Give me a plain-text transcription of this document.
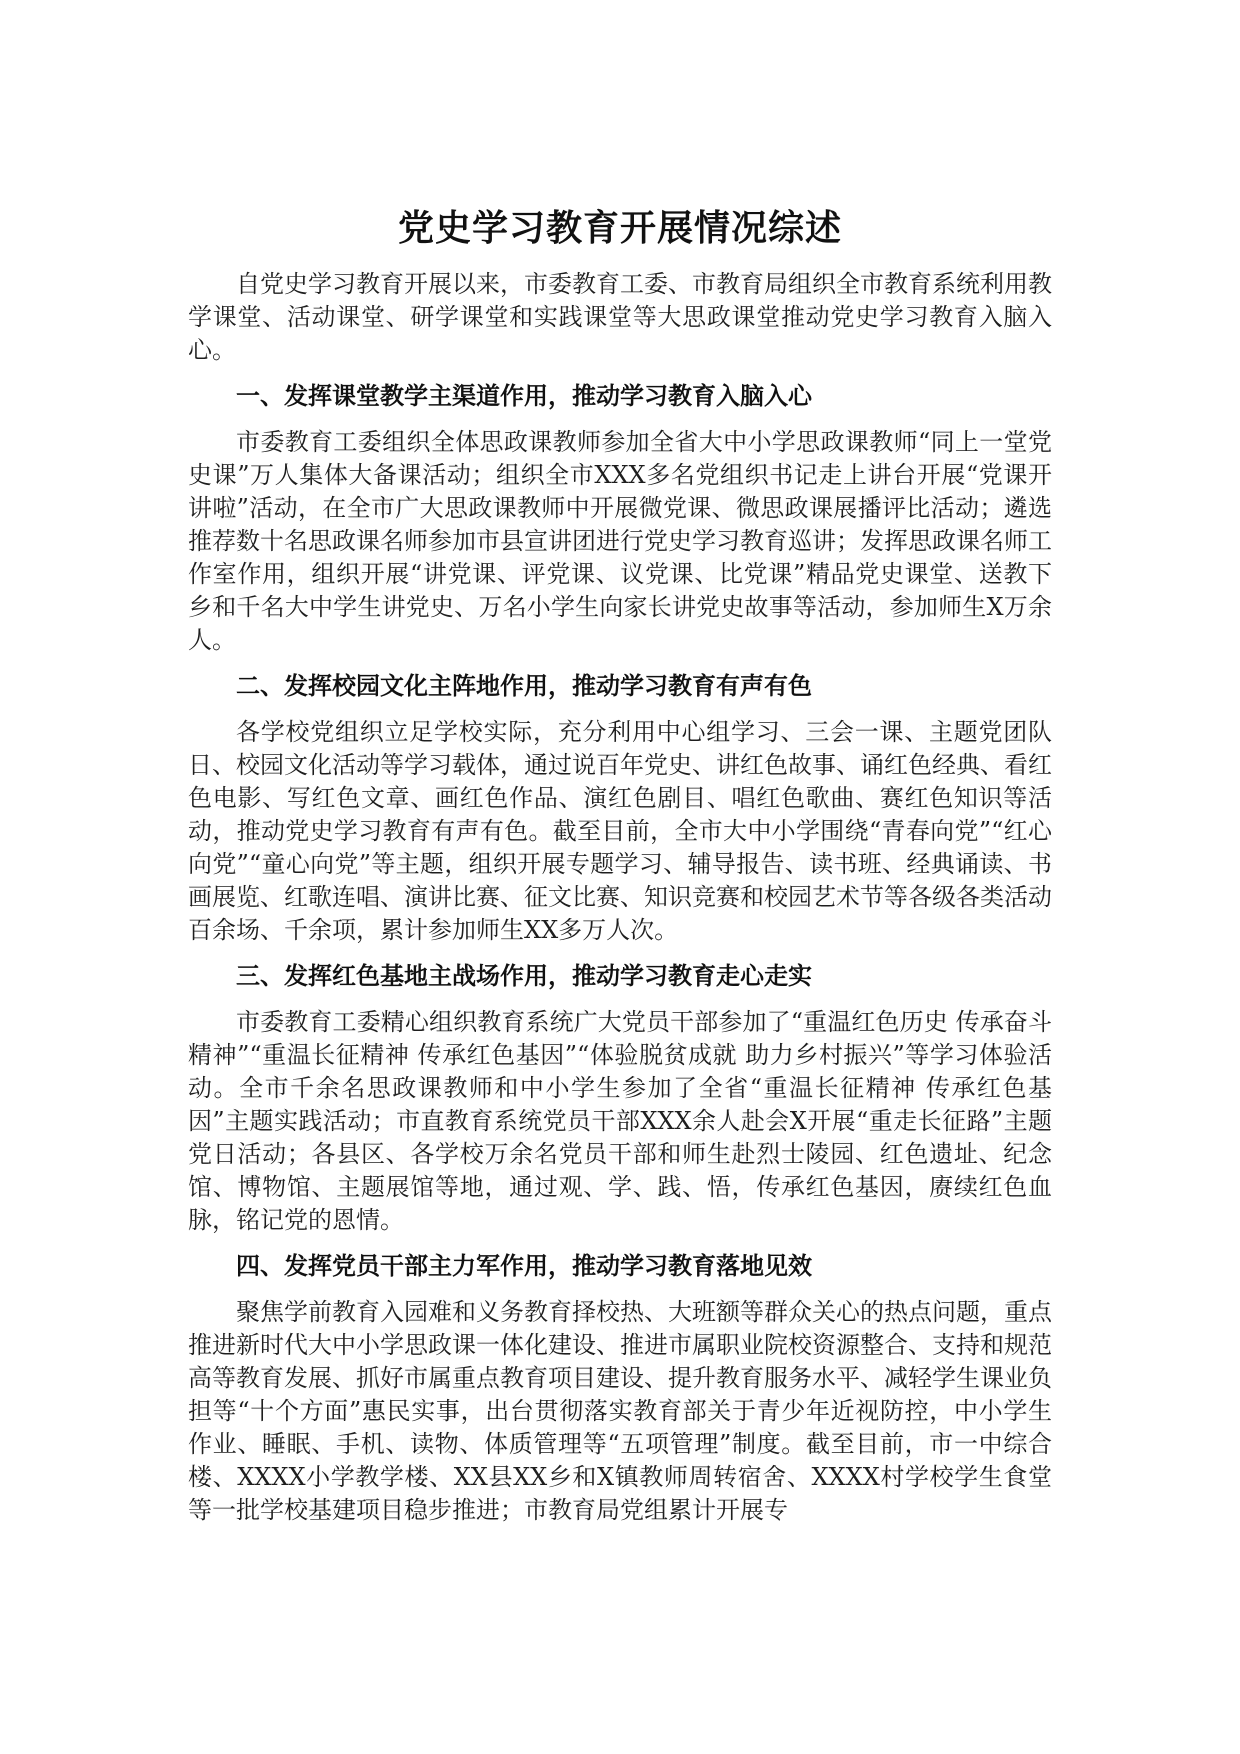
党史学习教育开展情况综述

自党史学习教育开展以来，市委教育工委、市教育局组织全市教育系统利用教学课堂、活动课堂、研学课堂和实践课堂等大思政课堂推动党史学习教育入脑入心。

一、发挥课堂教学主渠道作用，推动学习教育入脑入心

市委教育工委组织全体思政课教师参加全省大中小学思政课教师“同上一堂党史课”万人集体大备课活动；组织全市XXX多名党组织书记走上讲台开展“党课开讲啦”活动，在全市广大思政课教师中开展微党课、微思政课展播评比活动；遴选推荐数十名思政课名师参加市县宣讲团进行党史学习教育巡讲；发挥思政课名师工作室作用，组织开展“讲党课、评党课、议党课、比党课”精品党史课堂、送教下乡和千名大中学生讲党史、万名小学生向家长讲党史故事等活动，参加师生X万余人。

二、发挥校园文化主阵地作用，推动学习教育有声有色

各学校党组织立足学校实际，充分利用中心组学习、三会一课、主题党团队日、校园文化活动等学习载体，通过说百年党史、讲红色故事、诵红色经典、看红色电影、写红色文章、画红色作品、演红色剧目、唱红色歌曲、赛红色知识等活动，推动党史学习教育有声有色。截至目前，全市大中小学围绕“青春向党”“红心向党”“童心向党”等主题，组织开展专题学习、辅导报告、读书班、经典诵读、书画展览、红歌连唱、演讲比赛、征文比赛、知识竞赛和校园艺术节等各级各类活动百余场、千余项，累计参加师生XX多万人次。

三、发挥红色基地主战场作用，推动学习教育走心走实

市委教育工委精心组织教育系统广大党员干部参加了“重温红色历史 传承奋斗精神”“重温长征精神 传承红色基因”“体验脱贫成就 助力乡村振兴”等学习体验活动。全市千余名思政课教师和中小学生参加了全省“重温长征精神 传承红色基因”主题实践活动；市直教育系统党员干部XXX余人赴会X开展“重走长征路”主题党日活动；各县区、各学校万余名党员干部和师生赴烈士陵园、红色遗址、纪念馆、博物馆、主题展馆等地，通过观、学、践、悟，传承红色基因，赓续红色血脉，铭记党的恩情。

四、发挥党员干部主力军作用，推动学习教育落地见效

聚焦学前教育入园难和义务教育择校热、大班额等群众关心的热点问题，重点推进新时代大中小学思政课一体化建设、推进市属职业院校资源整合、支持和规范高等教育发展、抓好市属重点教育项目建设、提升教育服务水平、减轻学生课业负担等“十个方面”惠民实事，出台贯彻落实教育部关于青少年近视防控，中小学生作业、睡眠、手机、读物、体质管理等“五项管理”制度。截至目前，市一中综合楼、XXXX小学教学楼、XX县XX乡和X镇教师周转宿舍、XXXX村学校学生食堂等一批学校基建项目稳步推进；市教育局党组累计开展专
